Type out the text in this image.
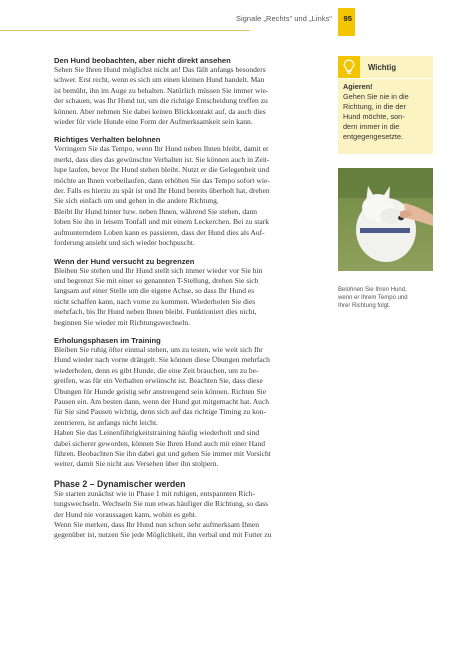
Signale „Rechts“ und „Links“ 95
Den Hund beobachten, aber nicht direkt ansehen
Sehen Sie Ihren Hund möglichst nicht an! Das fällt anfangs besonders
schwer. Erst recht, wenn es sich um einen kleinen Hund handelt. Man
ist bemüht, ihn im Auge zu behalten. Natürlich müssen Sie immer wie-
der schauen, was Ihr Hund tut, um die richtige Entscheidung treffen zu
können. Aber nehmen Sie dabei keinen Blickkontakt auf, da auch dies
wieder für viele Hunde eine Form der Aufmerksamkeit sein kann.
Richtiges Verhalten belohnen
Verringern Sie das Tempo, wenn Ihr Hund neben Ihnen bleibt, damit er
merkt, dass dies das gewünschte Verhalten ist. Sie können auch in Zeit-
lupe laufen, bevor Ihr Hund stehen bleibt. Nutzt er die Gelegenheit und
möchte an Ihnen vorbeilaufen, dann erhöhen Sie das Tempo sofort wie-
der. Falls es hierzu zu spät ist und Ihr Hund bereits überholt hat, drehen
Sie sich einfach um und gehen in die andere Richtung.
Bleibt Ihr Hund hinter bzw. neben Ihnen, während Sie stehen, dann
loben Sie ihn in leisem Tonfall und mit einem Leckerchen. Bei zu stark
aufmunterndem Loben kann es passieren, dass der Hund dies als Auf-
forderung ansieht und sich wieder hochpuscht.
Wenn der Hund versucht zu begrenzen
Bleiben Sie stehen und Ihr Hund stellt sich immer wieder vor Sie hin
und begrenzt Sie mit einer so genannten T-Stellung, drehen Sie sich
langsam auf einer Stelle um die eigene Achse, so dass Ihr Hund es
nicht schaffen kann, nach vorne zu kommen. Wiederholen Sie dies
mehrfach, bis Ihr Hund neben Ihnen bleibt. Funktioniert dies nicht,
beginnen Sie wieder mit Richtungswechseln.
Erholungsphasen im Training
Bleiben Sie ruhig öfter einmal stehen, um zu testen, wie weit sich Ihr
Hund wieder nach vorne drängelt. Sie können diese Übungen mehrfach
wiederholen, denn es gibt Hunde, die eine Zeit brauchen, um zu be-
greifen, was für ein Verhalten erwünscht ist. Beachten Sie, dass diese
Übungen für Hunde geistig sehr anstrengend sein können. Richten Sie
Pausen ein. Am besten dann, wenn der Hund gut mitgemacht hat. Auch
für Sie sind Pausen wichtig, denn sich auf das richtige Timing zu kon-
zentrieren, ist anfangs nicht leicht.
Haben Sie das Leinenführigkeitstraining häufig wiederholt und sind
dabei sicherer geworden, können Sie Ihren Hund auch mit einer Hand
führen. Beobachten Sie ihn dabei gut und gehen Sie immer mit Vorsicht
weiter, damit Sie nicht aus Versehen über ihn stolpern.
Phase 2 – Dynamischer werden
Sie starten zunächst wie in Phase 1 mit ruhigen, entspannten Rich-
tungswechseln. Wechseln Sie nun etwas häufiger die Richtung, so dass
der Hund nie voraussagen kann, wohin es geht.
Wenn Sie merken, dass Ihr Hund nun schon sehr aufmerksam Ihnen
gegenüber ist, nutzen Sie jede Möglichkeit, ihn verbal und mit Futter zu
Wichtig
Agieren!
Gehen Sie nie in die
Richtung, in die der
Hund möchte, son-
dern immer in die
entgegengesetzte.
Belohnen Sie Ihren Hund,
wenn er Ihrem Tempo und
Ihrer Richtung folgt.
